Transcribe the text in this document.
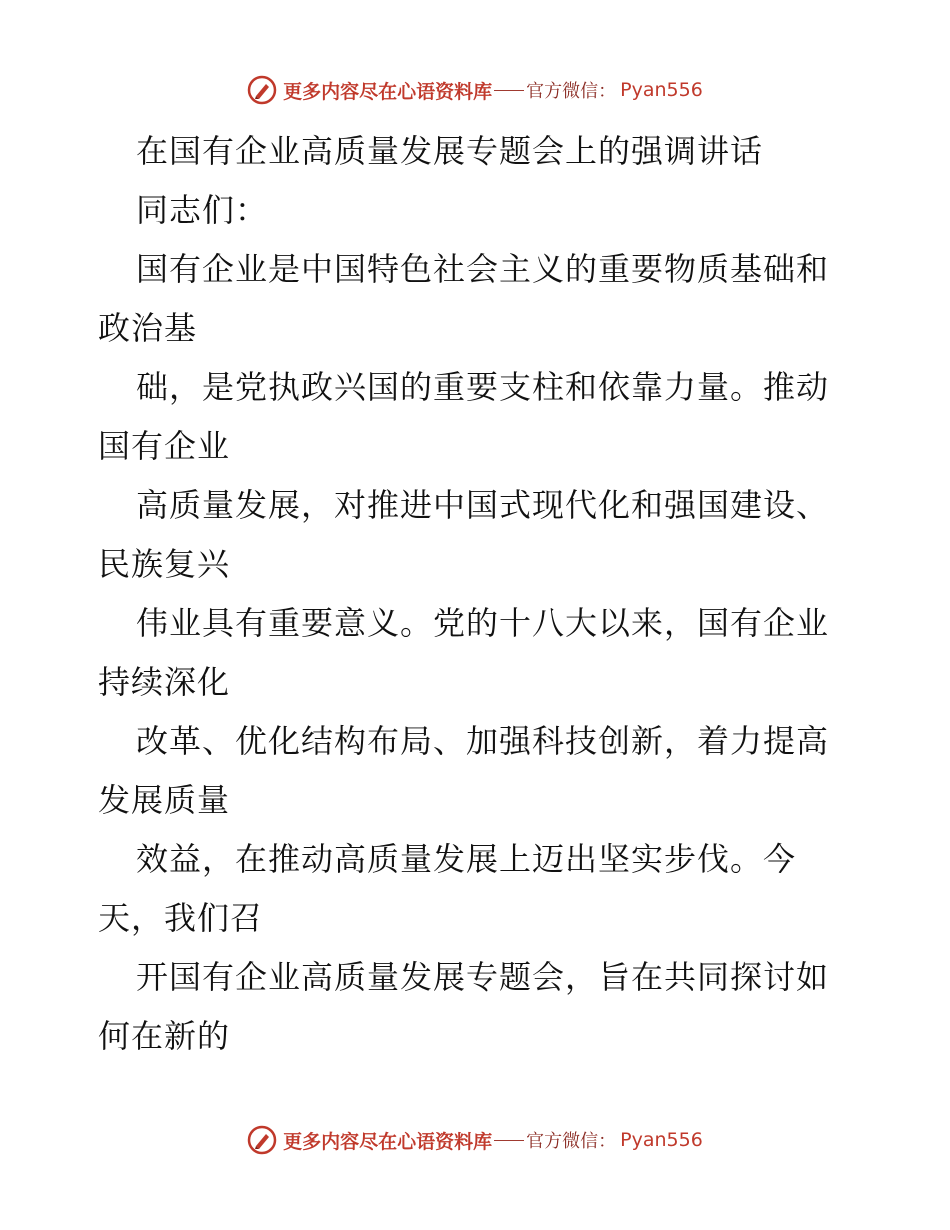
更多内容尽在心语资料库 官方微信： Pyan556
在国有企业高质量发展专题会上的强调讲话
同志们：
国有企业是中国特色社会主义的重要物质基础和
政治基
础，是党执政兴国的重要支柱和依靠力量。推动
国有企业
高质量发展，对推进中国式现代化和强国建设、
民族复兴
伟业具有重要意义。党的十八大以来，国有企业
持续深化
改革、优化结构布局、加强科技创新，着力提高
发展质量
效益，在推动高质量发展上迈出坚实步伐。今
天，我们召
开国有企业高质量发展专题会，旨在共同探讨如
何在新的
更多内容尽在心语资料库 官方微信： Pyan556
